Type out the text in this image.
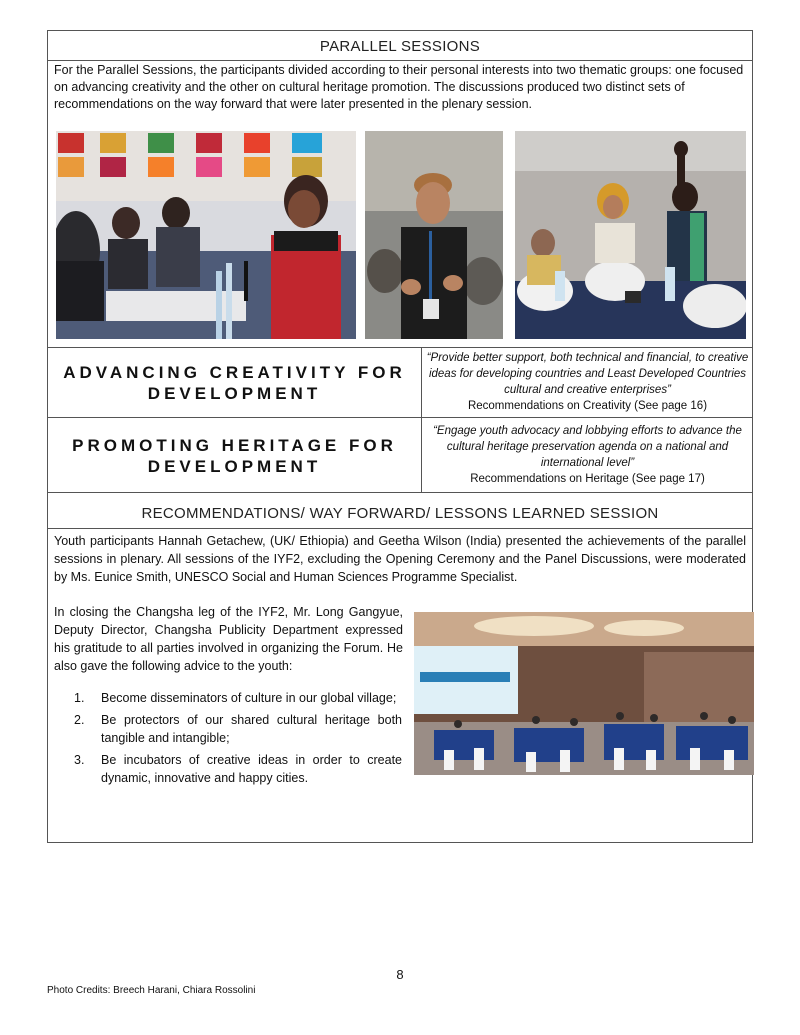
PARALLEL SESSIONS
For the Parallel Sessions, the participants divided according to their personal interests into two thematic groups: one focused on advancing creativity and the other on cultural heritage promotion. The discussions produced two distinct sets of recommendations on the way forward that were later presented in the plenary session.
ADVANCING CREATIVITY FOR DEVELOPMENT
“Provide better support, both technical and financial, to creative ideas for developing countries and Least Developed Countries cultural and creative enterprises”
Recommendations on Creativity (See page 16)
PROMOTING HERITAGE FOR DEVELOPMENT
“Engage youth advocacy and lobbying efforts to advance the cultural heritage preservation agenda on a national and international level”
Recommendations on Heritage (See page 17)
RECOMMENDATIONS/ WAY FORWARD/ LESSONS LEARNED SESSION
Youth participants Hannah Getachew, (UK/ Ethiopia) and Geetha Wilson (India) presented the achievements of the parallel sessions in plenary. All sessions of the IYF2, excluding the Opening Ceremony and the Panel Discussions, were moderated by Ms. Eunice Smith, UNESCO Social and Human Sciences Programme Specialist.
In closing the Changsha leg of the IYF2, Mr. Long Gangyue, Deputy Director, Changsha Publicity Department expressed his gratitude to all parties involved in organizing the Forum. He also gave the following advice to the youth:
1. Become disseminators of culture in our global village;
2. Be protectors of our shared cultural heritage both tangible and intangible;
3. Be incubators of creative ideas in order to create dynamic, innovative and happy cities.
8
Photo Credits: Breech Harani, Chiara Rossolini
